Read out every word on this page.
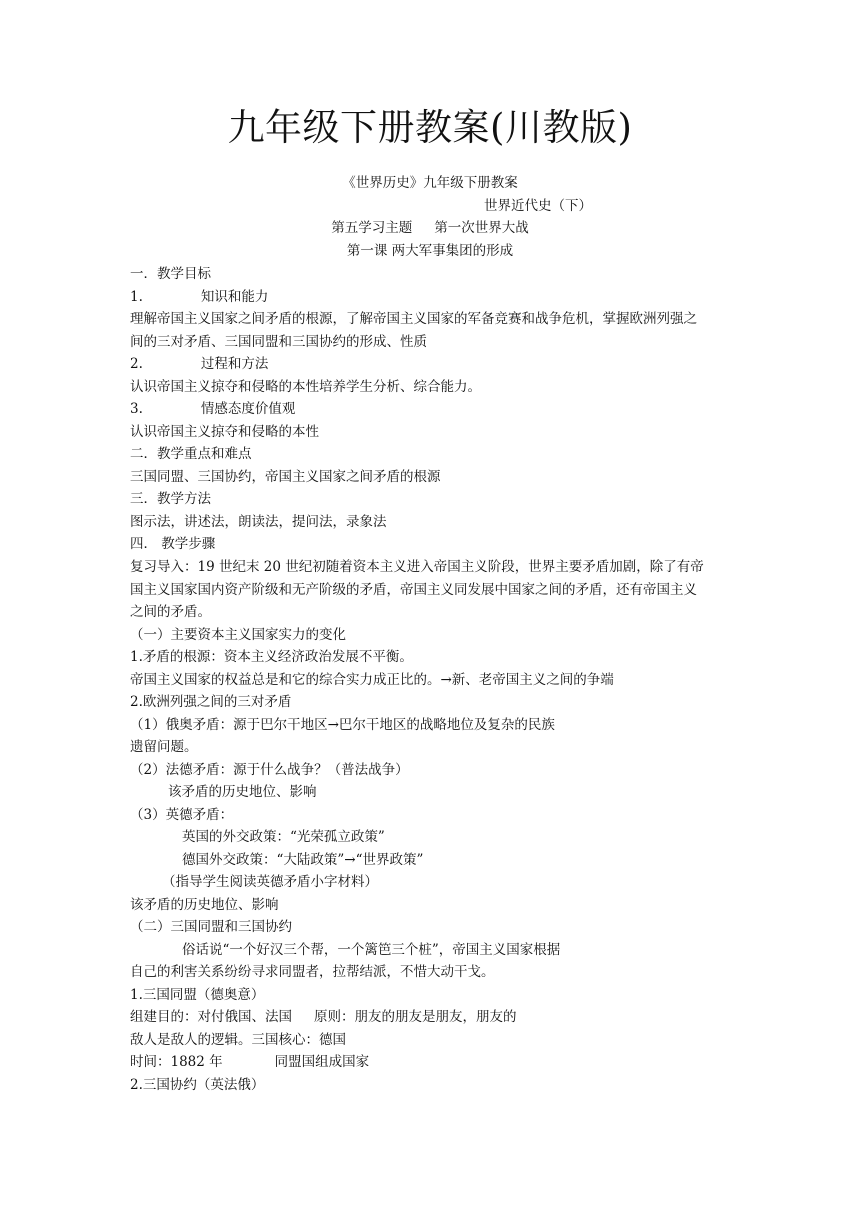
九年级下册教案(川教版)
《世界历史》九年级下册教案
世界近代史（下）
第五学习主题 第一次世界大战
第一课 两大军事集团的形成
一．教学目标
1.	知识和能力
理解帝国主义国家之间矛盾的根源，了解帝国主义国家的军备竞赛和战争危机，掌握欧洲列强之
间的三对矛盾、三国同盟和三国协约的形成、性质
2.	过程和方法
认识帝国主义掠夺和侵略的本性培养学生分析、综合能力。
3.	情感态度价值观
认识帝国主义掠夺和侵略的本性
二．教学重点和难点
三国同盟、三国协约，帝国主义国家之间矛盾的根源
三．教学方法
图示法，讲述法，朗读法，提问法，录象法
四． 教学步骤
复习导入：19 世纪末 20 世纪初随着资本主义进入帝国主义阶段，世界主要矛盾加剧，除了有帝
国主义国家国内资产阶级和无产阶级的矛盾，帝国主义同发展中国家之间的矛盾，还有帝国主义
之间的矛盾。
（一）主要资本主义国家实力的变化
1.矛盾的根源：资本主义经济政治发展不平衡。
帝国主义国家的权益总是和它的综合实力成正比的。→新、老帝国主义之间的争端
2.欧洲列强之间的三对矛盾
（1）俄奥矛盾：源于巴尔干地区→巴尔干地区的战略地位及复杂的民族
遗留问题。
（2）法德矛盾：源于什么战争？（普法战争）
该矛盾的历史地位、影响
（3）英德矛盾：
英国的外交政策：“光荣孤立政策”
德国外交政策：“大陆政策”→“世界政策”
（指导学生阅读英德矛盾小字材料）
该矛盾的历史地位、影响
（二）三国同盟和三国协约
俗话说“一个好汉三个帮，一个篱笆三个桩”，帝国主义国家根据
自己的利害关系纷纷寻求同盟者，拉帮结派，不惜大动干戈。
1.三国同盟（德奥意）
组建目的：对付俄国、法国 原则：朋友的朋友是朋友，朋友的
敌人是敌人的逻辑。三国核心：德国
时间：1882 年	同盟国组成国家
2.三国协约（英法俄）
